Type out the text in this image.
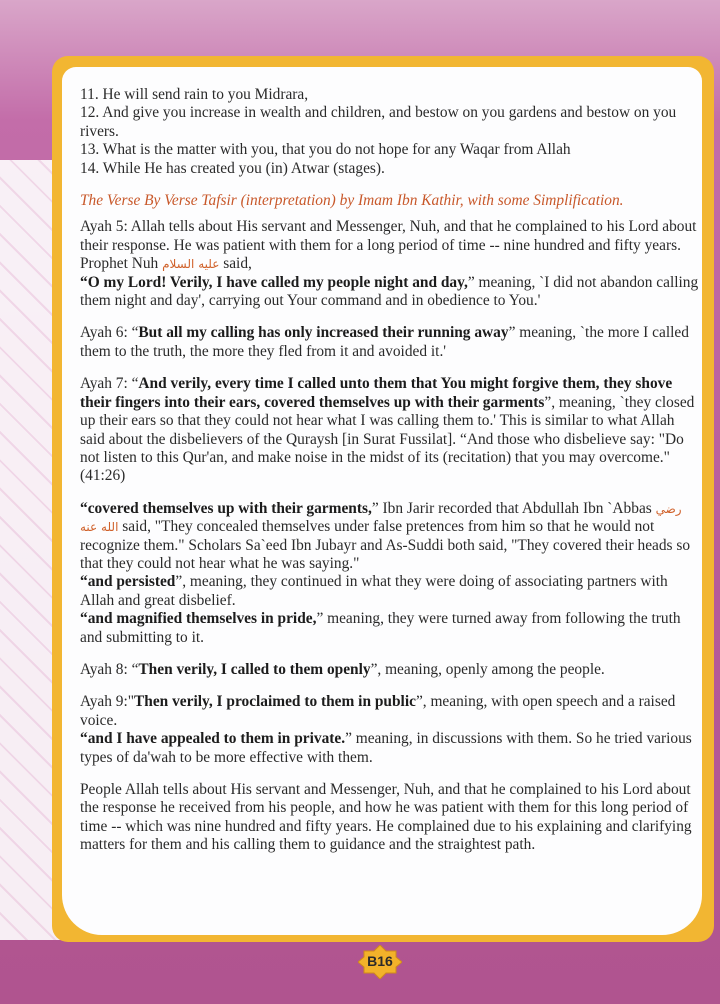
11. He will send rain to you Midrara,
12. And give you increase in wealth and children, and bestow on you gardens and bestow on you rivers.
13. What is the matter with you, that you do not hope for any Waqar from Allah
14. While He has created you (in) Atwar (stages).

The Verse By Verse Tafsir (interpretation) by Imam Ibn Kathir, with some Simplification.

Ayah 5: Allah tells about His servant and Messenger, Nuh, and that he complained to his Lord about their response. He was patient with them for a long period of time -- nine hundred and fifty years. Prophet Nuh عليه السلام said,
“O my Lord! Verily, I have called my people night and day,” meaning, `I did not abandon calling them night and day', carrying out Your command and in obedience to You.'

Ayah 6: “But all my calling has only increased their running away” meaning, `the more I called them to the truth, the more they fled from it and avoided it.'

Ayah 7: “And verily, every time I called unto them that You might forgive them, they shove their fingers into their ears, covered themselves up with their garments”, meaning, `they closed up their ears so that they could not hear what I was calling them to.' This is similar to what Allah said about the disbelievers of the Quraysh [in Surat Fussilat]. “And those who disbelieve say: "Do not listen to this Qur'an, and make noise in the midst of its (recitation) that you may overcome." (41:26)

“covered themselves up with their garments,” Ibn Jarir recorded that Abdullah Ibn `Abbas رضي الله عنه said, "They concealed themselves under false pretences from him so that he would not recognize them." Scholars Sa`eed Ibn Jubayr and As-Suddi both said, "They covered their heads so that they could not hear what he was saying."
“and persisted”, meaning, they continued in what they were doing of associating partners with Allah and great disbelief.
“and magnified themselves in pride,” meaning, they were turned away from following the truth and submitting to it.

Ayah 8: “Then verily, I called to them openly”, meaning, openly among the people.

Ayah 9:"Then verily, I proclaimed to them in public”, meaning, with open speech and a raised voice.
“and I have appealed to them in private.” meaning, in discussions with them. So he tried various types of da'wah to be more effective with them.

People Allah tells about His servant and Messenger, Nuh, and that he complained to his Lord about the response he received from his people, and how he was patient with them for this long period of time -- which was nine hundred and fifty years. He complained due to his explaining and clarifying matters for them and his calling them to guidance and the straightest path.

B16
